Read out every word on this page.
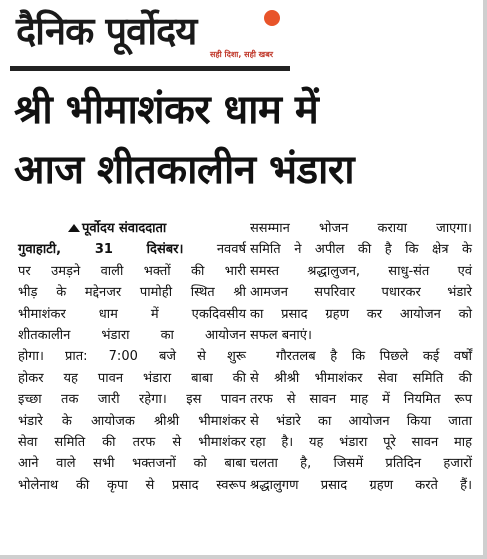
दैनिक पूर्वोदय
सही दिशा, सही खबर
श्री भीमाशंकर धाम में
आज शीतकालीन भंडारा
पूर्वोदय संवाददाता
गुवाहाटी, 31 दिसंबर।	नववर्ष
पर उमड़ने वाली भक्तों की भारी
भीड़ के मद्देनजर पामोही स्थित श्री
भीमाशंकर धाम में एकदिवसीय
शीतकालीन भंडारा का आयोजन
होगा। प्रात: 7:00 बजे से शुरू
होकर यह पावन भंडारा बाबा की
इच्छा तक जारी रहेगा। इस पावन
भंडारे के आयोजक श्रीश्री भीमाशंकर
सेवा समिति की तरफ से भीमाशंकर
आने वाले सभी भक्तजनों को बाबा
भोलेनाथ की कृपा से प्रसाद स्वरूप
ससम्मान भोजन कराया जाएगा।
समिति ने अपील की है कि क्षेत्र के
समस्त श्रद्धालुजन, साधु-संत एवं
आमजन सपरिवार पधारकर भंडारे
का प्रसाद ग्रहण कर आयोजन को
सफल बनाएं।
गौरतलब है कि पिछले कई वर्षों
से श्रीश्री भीमाशंकर सेवा समिति की
तरफ से सावन माह में नियमित रूप
से भंडारे का आयोजन किया जाता
रहा है। यह भंडारा पूरे सावन माह
चलता है, जिसमें प्रतिदिन हजारों
श्रद्धालुगण प्रसाद ग्रहण करते हैं।
